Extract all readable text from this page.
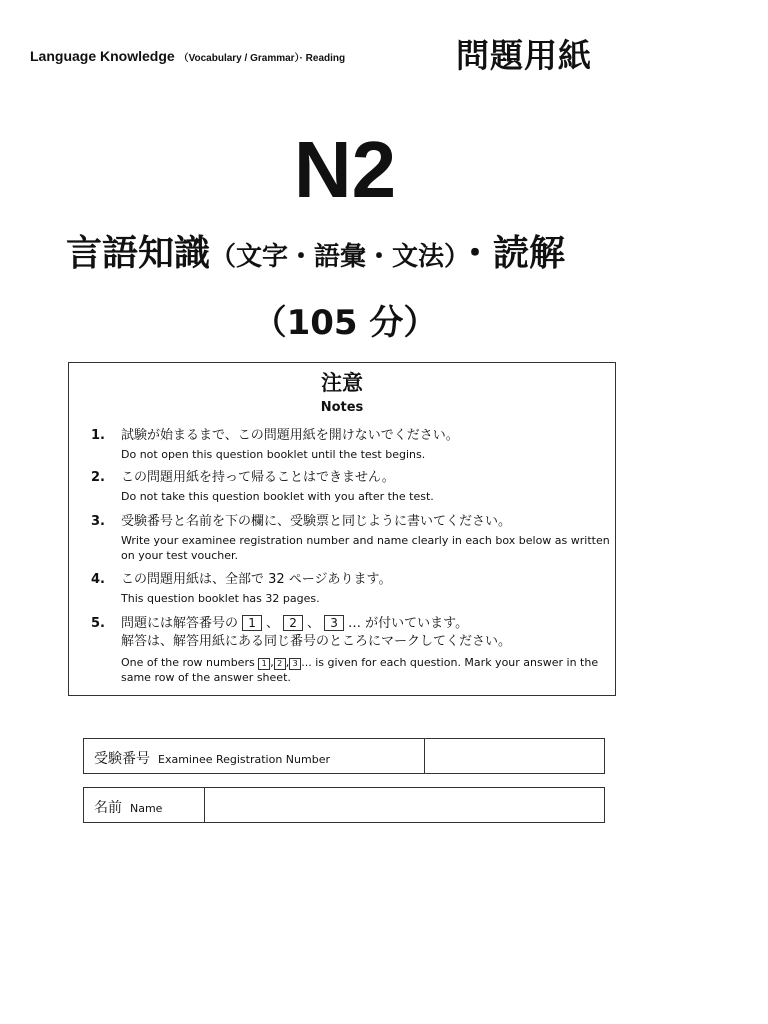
Language Knowledge （Vocabulary / Grammar）· Reading	問題用紙
N2
言語知識（文字・語彙・文法）・読解
（105 分）
注意
Notes
1. 試験が始まるまで、この問題用紙を開けないでください。
Do not open this question booklet until the test begins.
2. この問題用紙を持って帰ることはできません。
Do not take this question booklet with you after the test.
3. 受験番号と名前を下の欄に、受験票と同じように書いてください。
Write your examinee registration number and name clearly in each box below as written on your test voucher.
4. この問題用紙は、全部で 32 ページあります。
This question booklet has 32 pages.
5. 問題には解答番号の 1 、 2 、 3 … が付いています。
解答は、解答用紙にある同じ番号のところにマークしてください。
One of the row numbers 1 , 2 , 3 ... is given for each question. Mark your answer in the same row of the answer sheet.
受験番号 Examinee Registration Number
名前 Name
